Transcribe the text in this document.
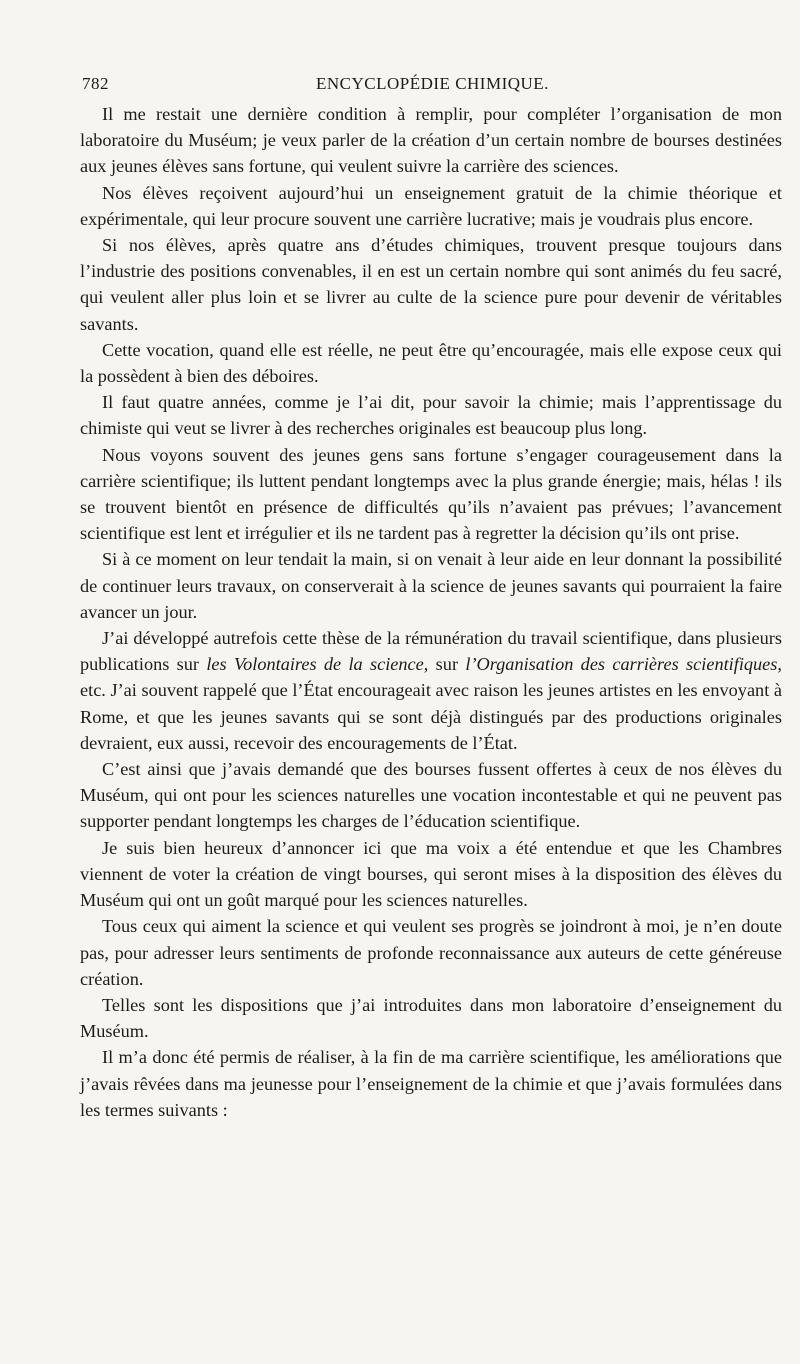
782	ENCYCLOPÉDIE CHIMIQUE.

Il me restait une dernière condition à remplir, pour compléter l’organisation de mon laboratoire du Muséum; je veux parler de la création d’un certain nombre de bourses destinées aux jeunes élèves sans fortune, qui veulent suivre la carrière des sciences.

Nos élèves reçoivent aujourd’hui un enseignement gratuit de la chimie théorique et expérimentale, qui leur procure souvent une carrière lucrative; mais je voudrais plus encore.

Si nos élèves, après quatre ans d’études chimiques, trouvent presque toujours dans l’industrie des positions convenables, il en est un certain nombre qui sont animés du feu sacré, qui veulent aller plus loin et se livrer au culte de la science pure pour devenir de véritables savants.

Cette vocation, quand elle est réelle, ne peut être qu’encouragée, mais elle expose ceux qui la possèdent à bien des déboires.

Il faut quatre années, comme je l’ai dit, pour savoir la chimie; mais l’apprentissage du chimiste qui veut se livrer à des recherches originales est beaucoup plus long.

Nous voyons souvent des jeunes gens sans fortune s’engager courageusement dans la carrière scientifique; ils luttent pendant longtemps avec la plus grande énergie; mais, hélas ! ils se trouvent bientôt en présence de difficultés qu’ils n’avaient pas prévues; l’avancement scientifique est lent et irrégulier et ils ne tardent pas à regretter la décision qu’ils ont prise.

Si à ce moment on leur tendait la main, si on venait à leur aide en leur donnant la possibilité de continuer leurs travaux, on conserverait à la science de jeunes savants qui pourraient la faire avancer un jour.

J’ai développé autrefois cette thèse de la rémunération du travail scientifique, dans plusieurs publications sur les Volontaires de la science, sur l’Organisation des carrières scientifiques, etc. J’ai souvent rappelé que l’État encourageait avec raison les jeunes artistes en les envoyant à Rome, et que les jeunes savants qui se sont déjà distingués par des productions originales devraient, eux aussi, recevoir des encouragements de l’État.

C’est ainsi que j’avais demandé que des bourses fussent offertes à ceux de nos élèves du Muséum, qui ont pour les sciences naturelles une vocation incontestable et qui ne peuvent pas supporter pendant longtemps les charges de l’éducation scientifique.

Je suis bien heureux d’annoncer ici que ma voix a été entendue et que les Chambres viennent de voter la création de vingt bourses, qui seront mises à la disposition des élèves du Muséum qui ont un goût marqué pour les sciences naturelles.

Tous ceux qui aiment la science et qui veulent ses progrès se joindront à moi, je n’en doute pas, pour adresser leurs sentiments de profonde reconnaissance aux auteurs de cette généreuse création.

Telles sont les dispositions que j’ai introduites dans mon laboratoire d’enseignement du Muséum.

Il m’a donc été permis de réaliser, à la fin de ma carrière scientifique, les améliorations que j’avais rêvées dans ma jeunesse pour l’enseignement de la chimie et que j’avais formulées dans les termes suivants :
